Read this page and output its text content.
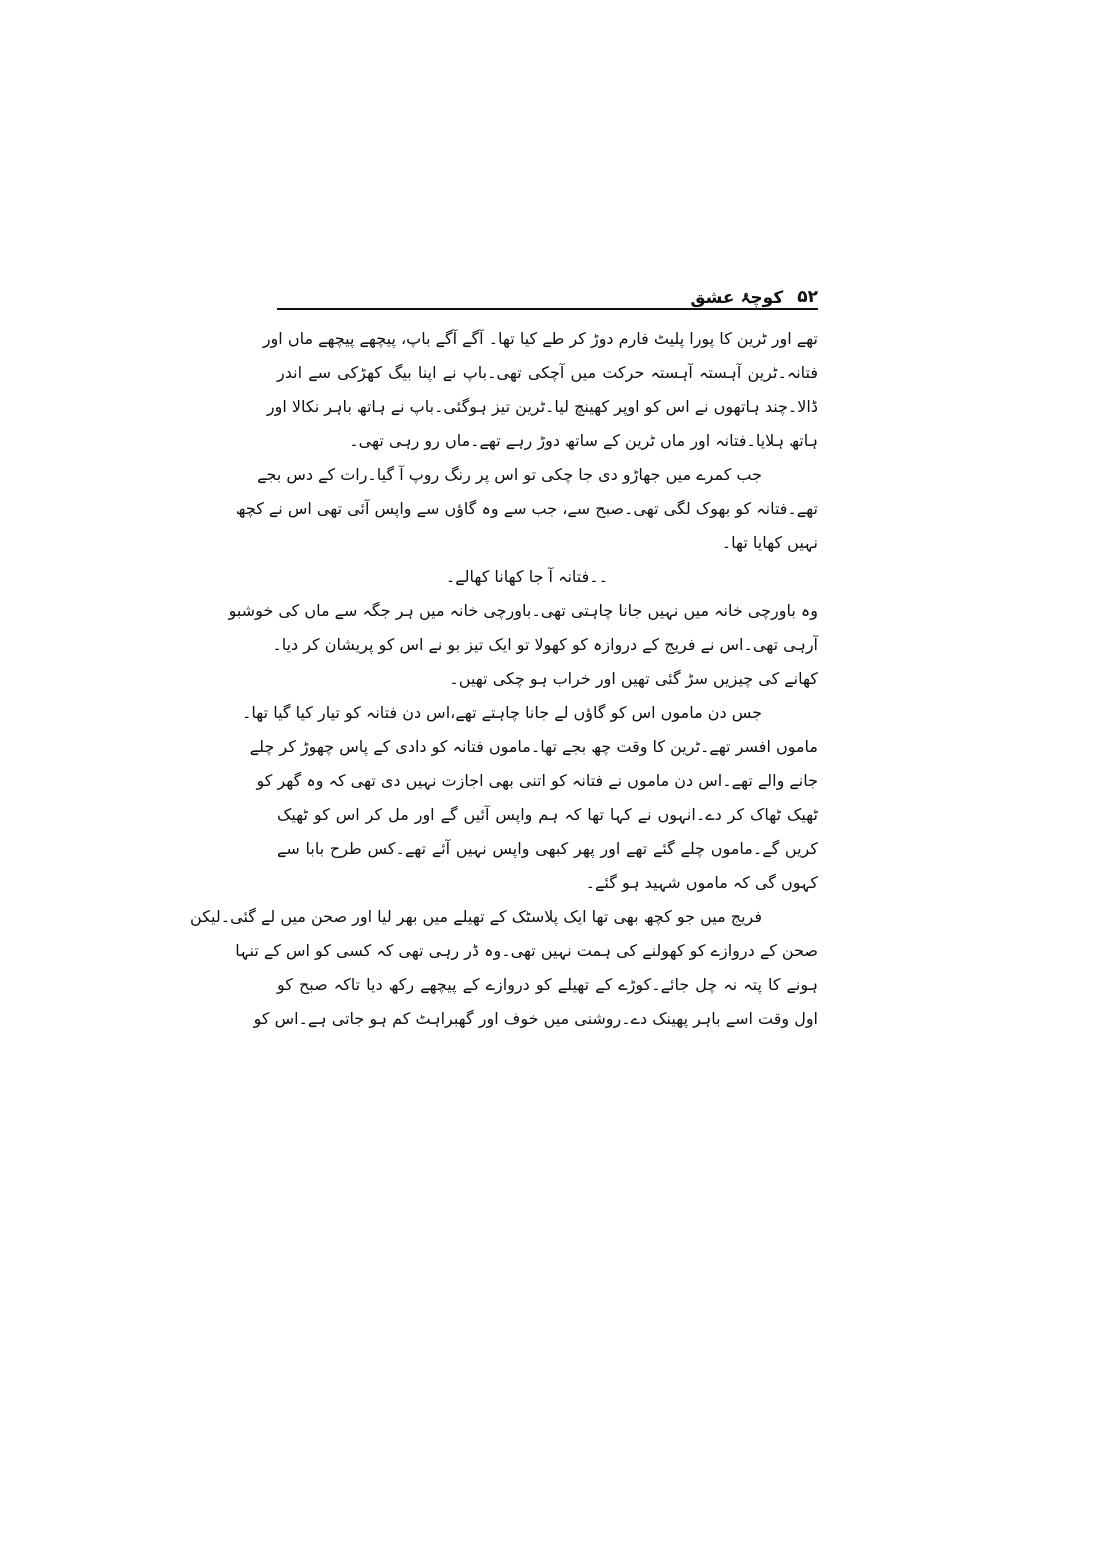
۵۲
کوچۂ عشق
تھے اور ٹرین کا پورا پلیٹ فارم دوڑ کر طے کیا تھا۔ آگے آگے باپ، پیچھے پیچھے ماں اور
فتانہ۔ٹرین آہستہ آہستہ حرکت میں آچکی تھی۔باپ نے اپنا بیگ کھڑکی سے اندر
ڈالا۔چند ہاتھوں نے اس کو اوپر کھینچ لیا۔ٹرین تیز ہوگئی۔باپ نے ہاتھ باہر نکالا اور
ہاتھ ہلایا۔فتانہ اور ماں ٹرین کے ساتھ دوڑ رہے تھے۔ماں رو رہی تھی۔
جب کمرے میں جھاڑو دی جا چکی تو اس پر رنگ روپ آ گیا۔رات کے دس بجے
تھے۔فتانہ کو بھوک لگی تھی۔صبح سے، جب سے وہ گاؤں سے واپس آئی تھی اس نے کچھ
نہیں کھایا تھا۔
۔۔فتانہ آ جا کھانا کھالے۔
وہ باورچی خانہ میں نہیں جانا چاہتی تھی۔باورچی خانہ میں ہر جگہ سے ماں کی خوشبو
آرہی تھی۔اس نے فریج کے دروازہ کو کھولا تو ایک تیز بو نے اس کو پریشان کر دیا۔
کھانے کی چیزیں سڑ گئی تھیں اور خراب ہو چکی تھیں۔
جس دن ماموں اس کو گاؤں لے جانا چاہتے تھے،اس دن فتانہ کو تیار کیا گیا تھا۔
ماموں افسر تھے۔ٹرین کا وقت چھ بجے تھا۔ماموں فتانہ کو دادی کے پاس چھوڑ کر چلے
جانے والے تھے۔اس دن ماموں نے فتانہ کو اتنی بھی اجازت نہیں دی تھی کہ وہ گھر کو
ٹھیک ٹھاک کر دے۔انہوں نے کہا تھا کہ ہم واپس آئیں گے اور مل کر اس کو ٹھیک
کریں گے۔ماموں چلے گئے تھے اور پھر کبھی واپس نہیں آئے تھے۔کس طرح بابا سے
کہوں گی کہ ماموں شہید ہو گئے۔
فریج میں جو کچھ بھی تھا ایک پلاسٹک کے تھیلے میں بھر لیا اور صحن میں لے گئی۔لیکن
صحن کے دروازے کو کھولنے کی ہمت نہیں تھی۔وہ ڈر رہی تھی کہ کسی کو اس کے تنہا
ہونے کا پتہ نہ چل جائے۔کوڑے کے تھیلے کو دروازے کے پیچھے رکھ دیا تاکہ صبح کو
اول وقت اسے باہر پھینک دے۔روشنی میں خوف اور گھبراہٹ کم ہو جاتی ہے۔اس کو
